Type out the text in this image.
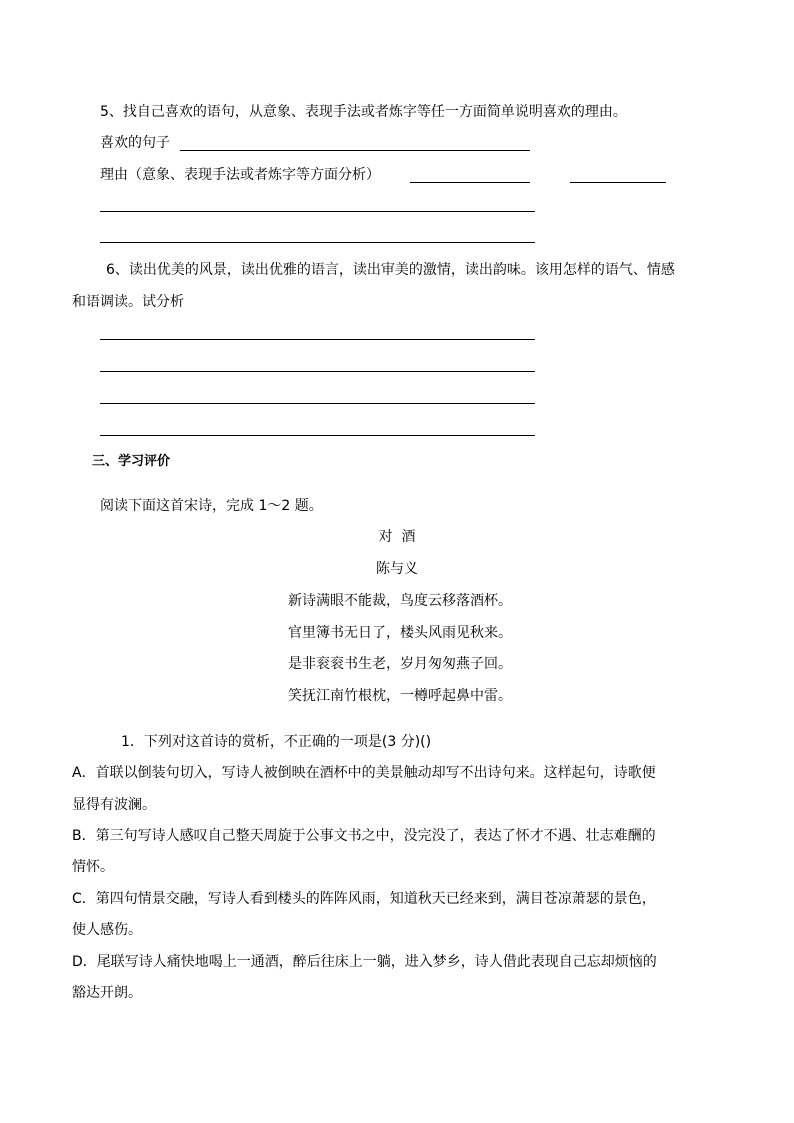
5、找自己喜欢的语句，从意象、表现手法或者炼字等任一方面简单说明喜欢的理由。
喜欢的句子
理由（意象、表现手法或者炼字等方面分析）
6、读出优美的风景，读出优雅的语言，读出审美的激情，读出韵味。该用怎样的语气、情感
和语调读。试分析
三、学习评价
阅读下面这首宋诗，完成 1～2 题。
对  酒
陈与义
新诗满眼不能裁，鸟度云移落酒杯。
官里簿书无日了，楼头风雨见秋来。
是非衮衮书生老，岁月匆匆燕子回。
笑抚江南竹根枕，一樽呼起鼻中雷。
1．下列对这首诗的赏析，不正确的一项是(3 分)()
A．首联以倒装句切入，写诗人被倒映在酒杯中的美景触动却写不出诗句来。这样起句，诗歌便
显得有波澜。
B．第三句写诗人感叹自己整天周旋于公事文书之中，没完没了，表达了怀才不遇、壮志难酬的
情怀。
C．第四句情景交融，写诗人看到楼头的阵阵风雨，知道秋天已经来到，满目苍凉萧瑟的景色，
使人感伤。
D．尾联写诗人痛快地喝上一通酒，醉后往床上一躺，进入梦乡，诗人借此表现自己忘却烦恼的
豁达开朗。
